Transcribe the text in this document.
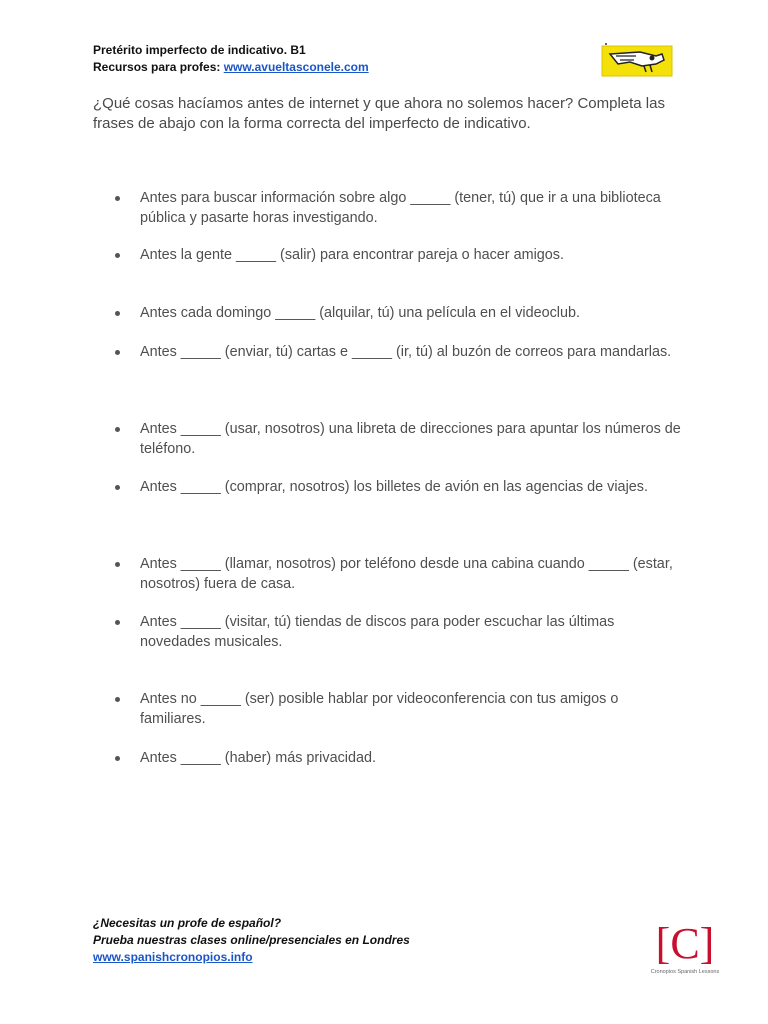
Pretérito imperfecto de indicativo. B1
Recursos para profes: www.avueltasconele.com
¿Qué cosas hacíamos antes de internet y que ahora no solemos hacer? Completa las frases de abajo con la forma correcta del imperfecto de indicativo.
Antes para buscar información sobre algo _____ (tener, tú) que ir a una biblioteca pública y pasarte horas investigando.
Antes la gente _____ (salir) para encontrar pareja o hacer amigos.
Antes cada domingo _____ (alquilar, tú) una película en el videoclub.
Antes _____ (enviar, tú) cartas e _____ (ir, tú) al buzón de correos para mandarlas.
Antes _____ (usar, nosotros) una libreta de direcciones para apuntar los números de teléfono.
Antes _____ (comprar, nosotros) los billetes de avión en las agencias de viajes.
Antes _____ (llamar, nosotros) por teléfono desde una cabina cuando _____ (estar, nosotros) fuera de casa.
Antes _____ (visitar, tú) tiendas de discos para poder escuchar las últimas novedades musicales.
Antes no _____ (ser) posible hablar por videoconferencia con tus amigos o familiares.
Antes _____ (haber) más privacidad.
¿Necesitas un profe de español?
Prueba nuestras clases online/presenciales en Londres
www.spanishcronopios.info	[C]
Cronopios Spanish Lessons
